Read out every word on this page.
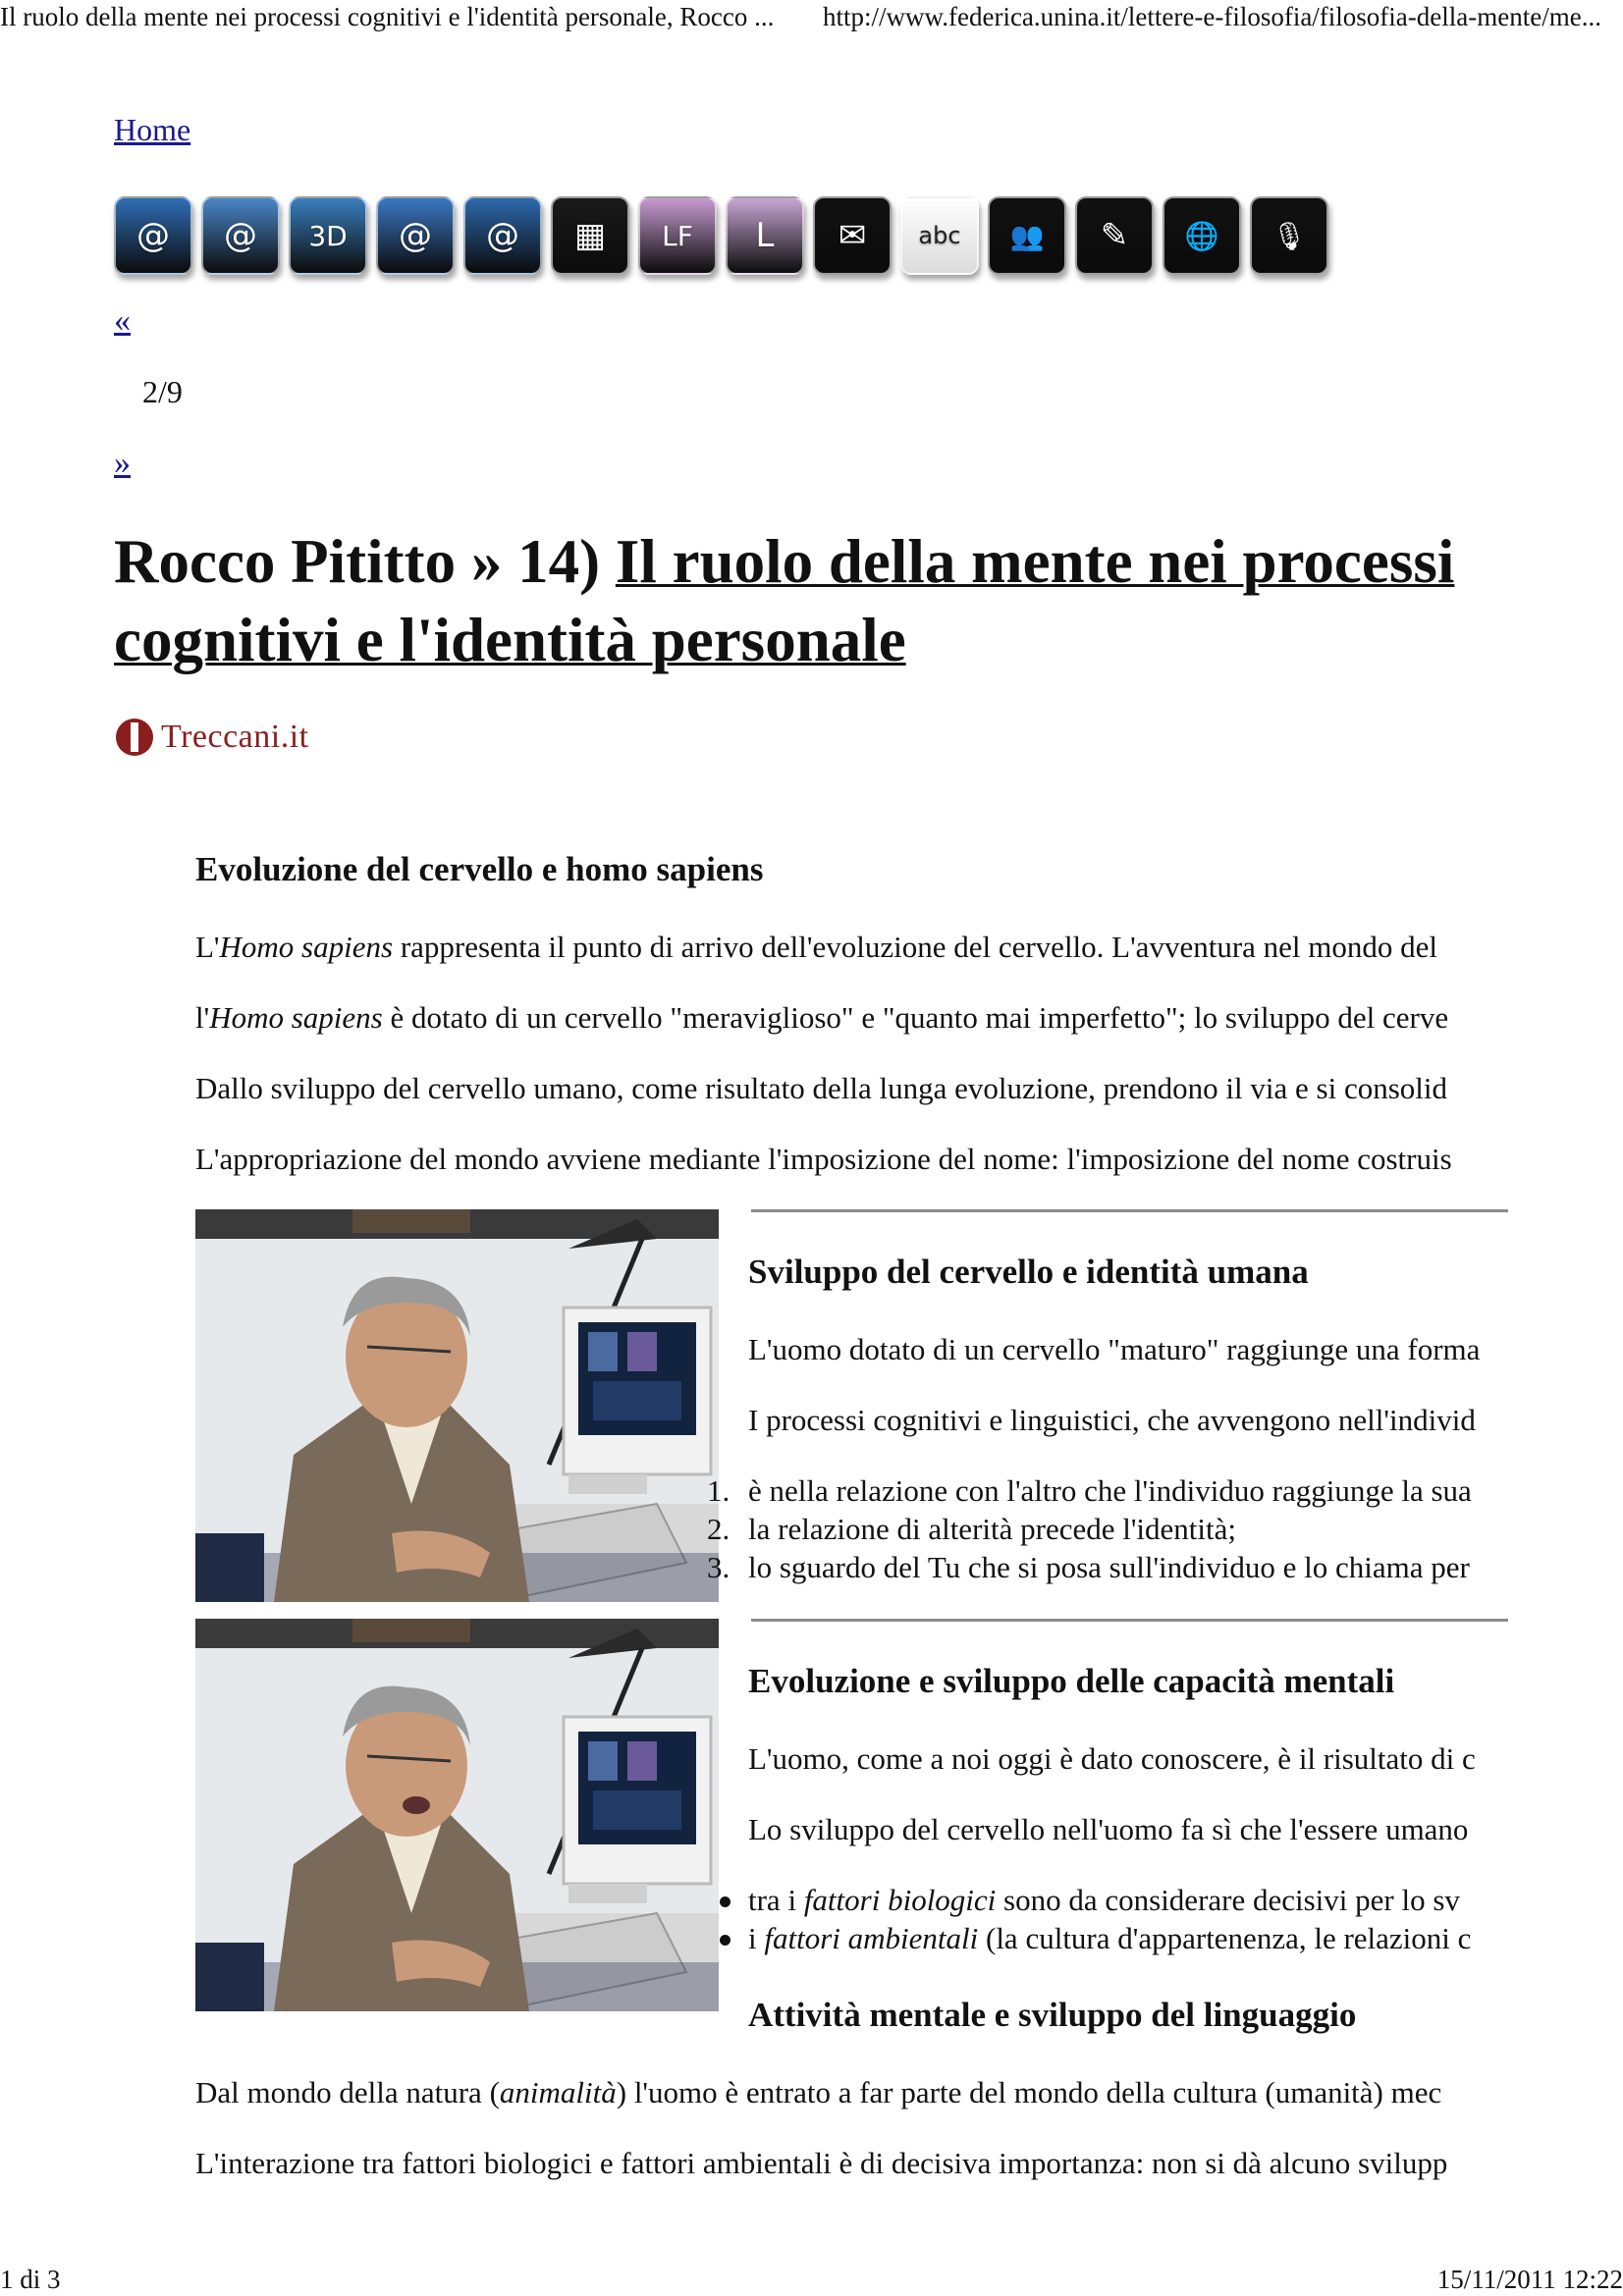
Il ruolo della mente nei processi cognitivi e l'identità personale, Rocco ...	http://www.federica.unina.it/lettere-e-filosofia/filosofia-della-mente/me...
Home
@ @ 3D @ @ ▦ LF L ✉ abc 👥 ✎ 🌐 🎙
«
2/9
»
Rocco Pititto » 14) Il ruolo della mente nei processi
cognitivi e l'identità personale
Treccani.it
Evoluzione del cervello e homo sapiens

L'Homo sapiens rappresenta il punto di arrivo dell'evoluzione del cervello. L'avventura nel mondo del

l'Homo sapiens è dotato di un cervello "meraviglioso" e "quanto mai imperfetto"; lo sviluppo del cerve

Dallo sviluppo del cervello umano, come risultato della lunga evoluzione, prendono il via e si consolid

L'appropriazione del mondo avviene mediante l'imposizione del nome: l'imposizione del nome costruis

Sviluppo del cervello e identità umana

L'uomo dotato di un cervello "maturo" raggiunge una forma

I processi cognitivi e linguistici, che avvengono nell'individ

1. è nella relazione con l'altro che l'individuo raggiunge la sua
2. la relazione di alterità precede l'identità;
3. lo sguardo del Tu che si posa sull'individuo e lo chiama per
Evoluzione e sviluppo delle capacità mentali

L'uomo, come a noi oggi è dato conoscere, è il risultato di c

Lo sviluppo del cervello nell'uomo fa sì che l'essere umano

tra i fattori biologici sono da considerare decisivi per lo sv
i fattori ambientali (la cultura d'appartenenza, le relazioni c
Attività mentale e sviluppo del linguaggio

Dal mondo della natura (animalità) l'uomo è entrato a far parte del mondo della cultura (umanità) mec

L'interazione tra fattori biologici e fattori ambientali è di decisiva importanza: non si dà alcuno svilupp

1 di 3	15/11/2011 12:22
